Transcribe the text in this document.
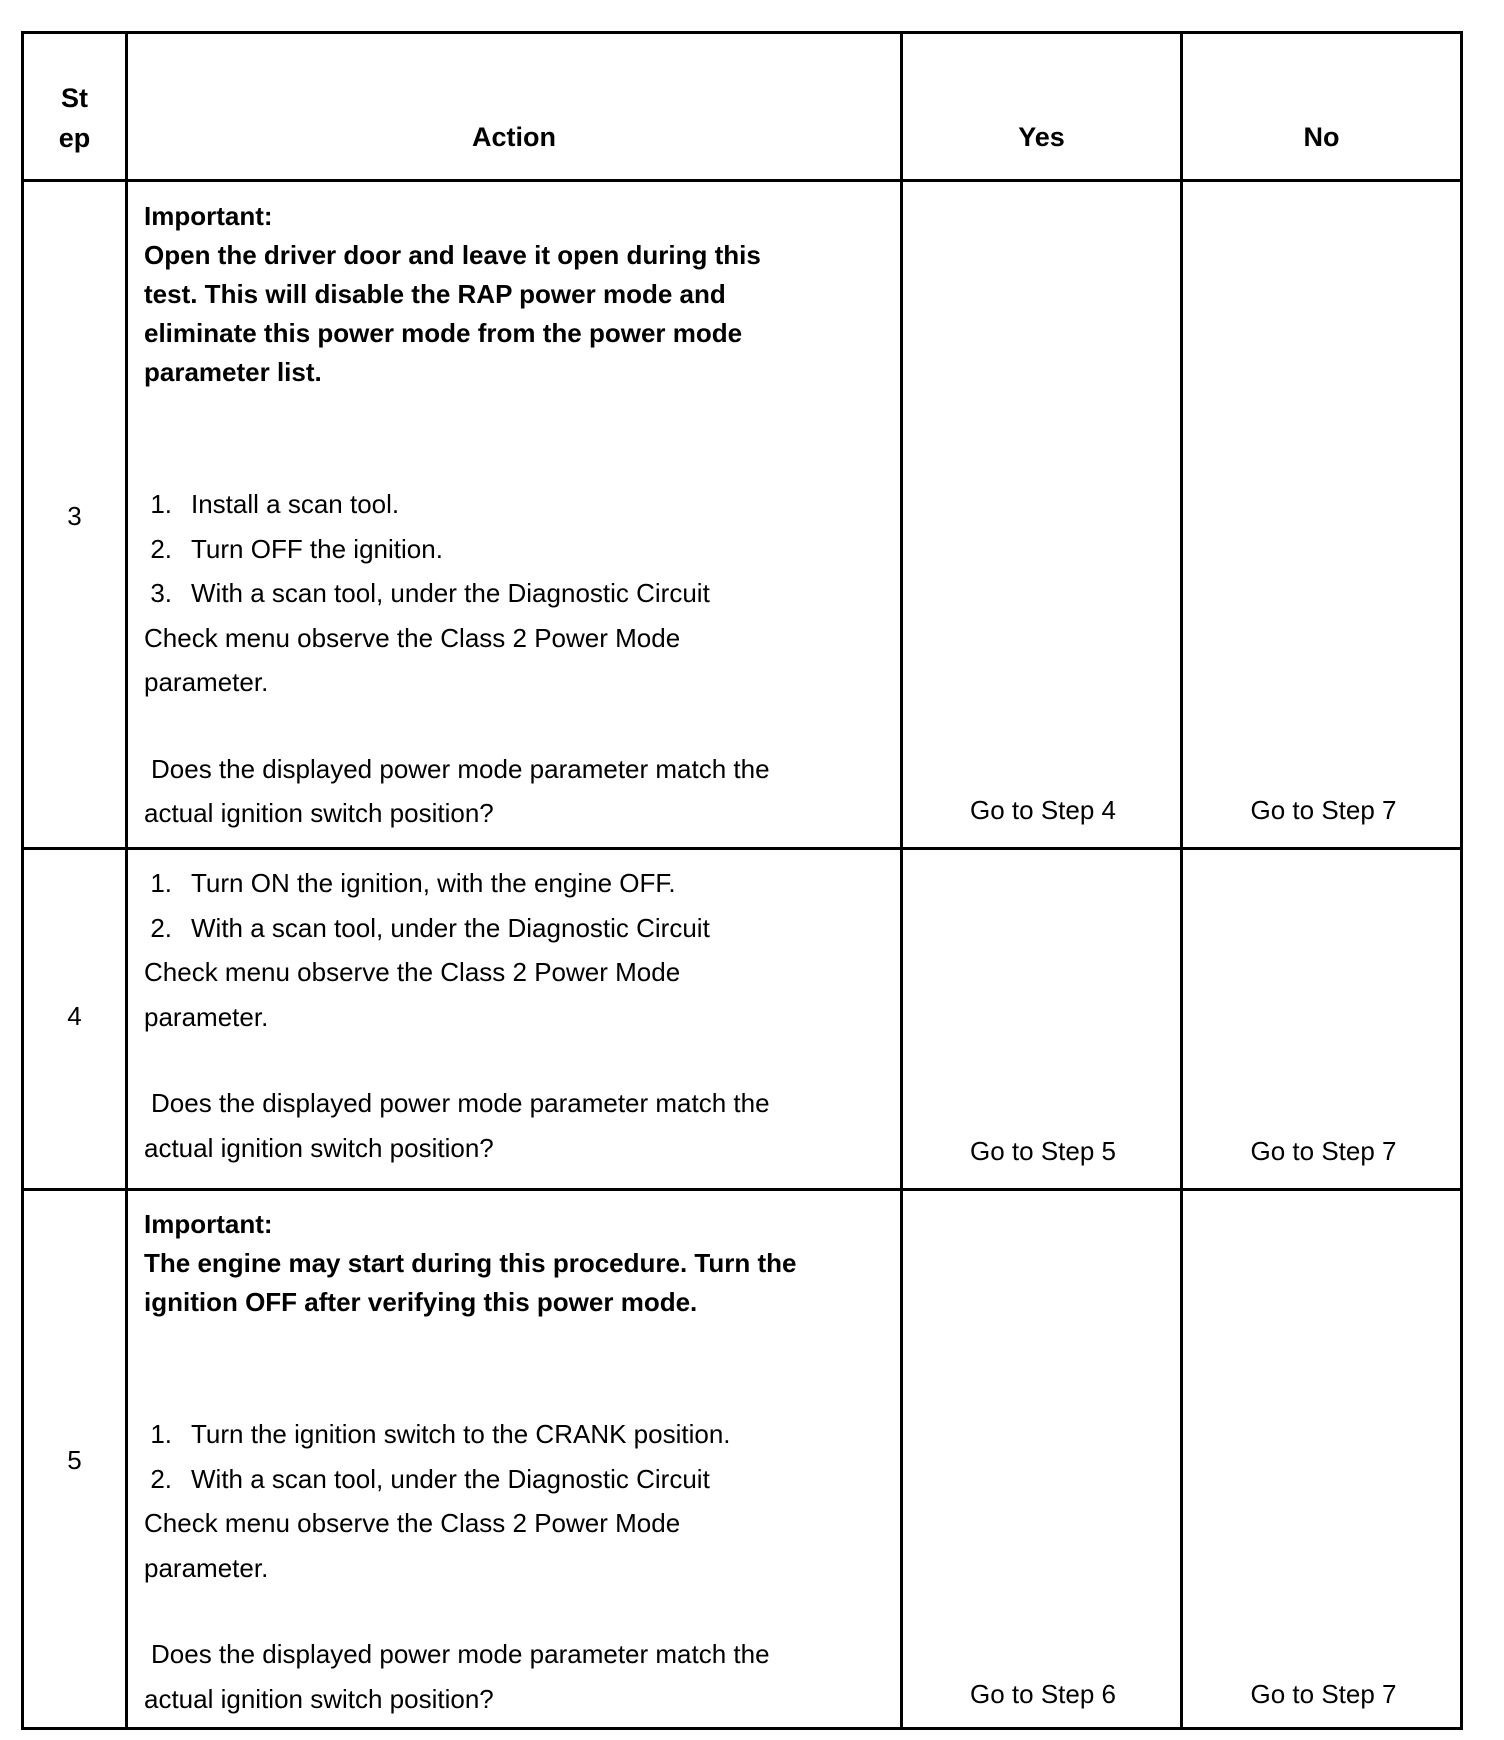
St
ep	Action	Yes	No
3

Important:

Open the driver door and leave it open during this

test. This will disable the RAP power mode and

eliminate this power mode from the power mode

parameter list.

1. Install a scan tool.
2. Turn OFF the ignition.
3. With a scan tool, under the Diagnostic Circuit
Check menu observe the Class 2 Power Mode
parameter.
Does the displayed power mode parameter match the
actual ignition switch position?	Go to Step 4	Go to Step 7
4
1. Turn ON the ignition, with the engine OFF.
2. With a scan tool, under the Diagnostic Circuit
Check menu observe the Class 2 Power Mode
parameter.
Does the displayed power mode parameter match the
actual ignition switch position?	Go to Step 5	Go to Step 7
5

Important:

The engine may start during this procedure. Turn the

ignition OFF after verifying this power mode.

1. Turn the ignition switch to the CRANK position.
2. With a scan tool, under the Diagnostic Circuit
Check menu observe the Class 2 Power Mode
parameter.
Does the displayed power mode parameter match the
actual ignition switch position?	Go to Step 6	Go to Step 7
